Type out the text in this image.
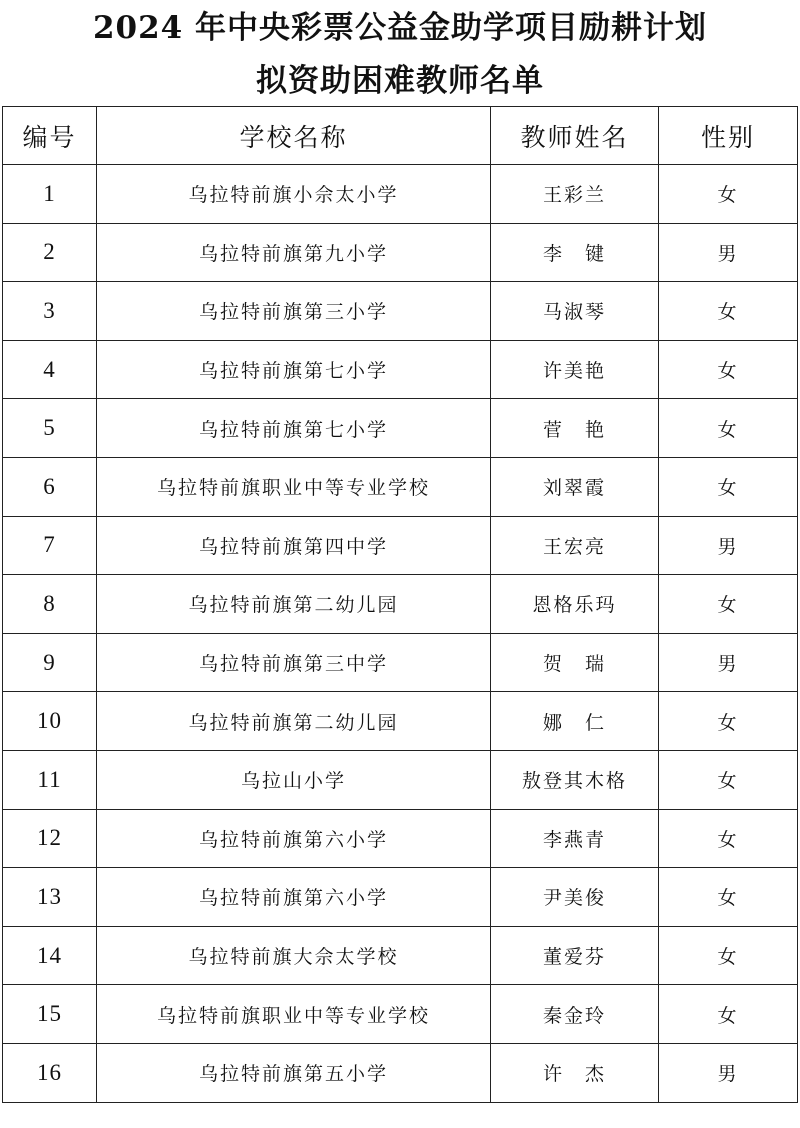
2024 年中央彩票公益金助学项目励耕计划
拟资助困难教师名单
编号	学校名称	教师姓名	性别
1	乌拉特前旗小佘太小学	王彩兰	女
2	乌拉特前旗第九小学	李　键	男
3	乌拉特前旗第三小学	马淑琴	女
4	乌拉特前旗第七小学	许美艳	女
5	乌拉特前旗第七小学	菅　艳	女
6	乌拉特前旗职业中等专业学校	刘翠霞	女
7	乌拉特前旗第四中学	王宏亮	男
8	乌拉特前旗第二幼儿园	恩格乐玛	女
9	乌拉特前旗第三中学	贺　瑞	男
10	乌拉特前旗第二幼儿园	娜　仁	女
11	乌拉山小学	敖登其木格	女
12	乌拉特前旗第六小学	李燕青	女
13	乌拉特前旗第六小学	尹美俊	女
14	乌拉特前旗大佘太学校	董爱芬	女
15	乌拉特前旗职业中等专业学校	秦金玲	女
16	乌拉特前旗第五小学	许　杰	男
